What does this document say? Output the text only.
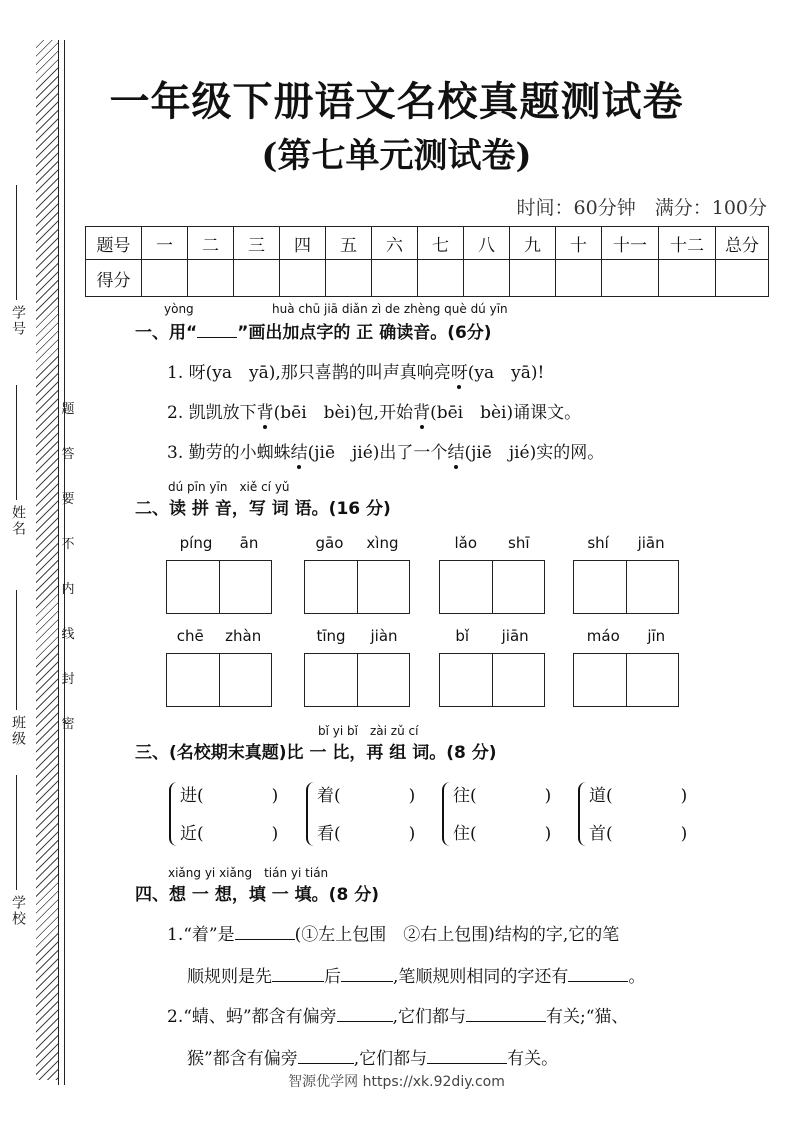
学号
姓名
班级
学校
题
答
要
不
内
线
封
密
一年级下册语文名校真题测试卷
(第七单元测试卷)
时间：60分钟　满分：100分
题号	一	二	三	四	五	六	七	八	九	十	十一	十二	总分
得分													
yòng	huà chū jiā diǎn zì de zhèng què dú yīn
一、用“ ”画出加点字的 正 确读音。(6分)
1. 呀(ya　yā),那只喜鹊的叫声真响亮呀(ya　yā)!
2. 凯凯放下背(bēi　bèi)包,开始背(bēi　bèi)诵课文。
3. 勤劳的小蜘蛛结(jiē　jié)出了一个结(jiē　jié)实的网。
dú pīn yīn　xiě cí yǔ
二、读 拼 音，写 词 语。(16 分)
píng ān	gāo xìng	lǎo shī	shí jiān
chē zhàn	tīng jiàn	bǐ jiān	máo jīn
bǐ yi bǐ　zài zǔ cí
三、(名校期末真题)比 一 比，再 组 词。(8 分)
进(　　　　)
近(　　　　)
着(　　　　)
看(　　　　)
往(　　　　)
住(　　　　)
道(　　　　)
首(　　　　)
xiǎng yi xiǎng　tián yi tián
四、想 一 想，填 一 填。(8 分)
1.“着”是	(①左上包围　②右上包围)结构的字,它的笔
顺规则是先	后	,笔顺规则相同的字还有	。
2.“蜻、蚂”都含有偏旁	,它们都与	有关;“猫、
猴”都含有偏旁	,它们都与	有关。
智源优学网 https://xk.92diy.com
